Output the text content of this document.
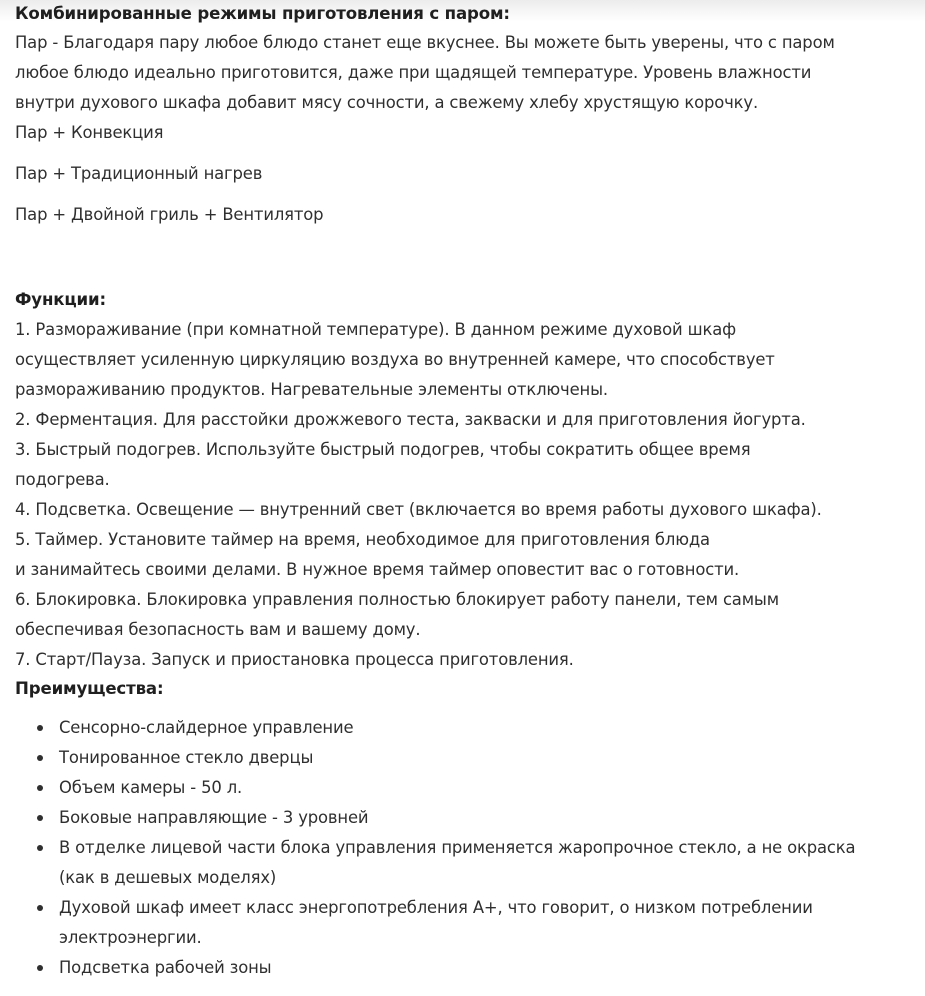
Комбинированные режимы приготовления с паром:

Пар - Благодаря пару любое блюдо станет еще вкуснее. Вы можете быть уверены, что с паром

любое блюдо идеально приготовится, даже при щадящей температуре. Уровень влажности

внутри духового шкафа добавит мясу сочности, а свежему хлебу хрустящую корочку.

Пар + Конвекция

Пар + Традиционный нагрев

Пар + Двойной гриль + Вентилятор

Функции:

1. Размораживание (при комнатной температуре). В данном режиме духовой шкаф

осуществляет усиленную циркуляцию воздуха во внутренней камере, что способствует

размораживанию продуктов. Нагревательные элементы отключены.

2. Ферментация. Для расстойки дрожжевого теста, закваски и для приготовления йогурта.

3. Быстрый подогрев. Используйте быстрый подогрев, чтобы сократить общее время

подогрева.

4. Подсветка. Освещение — внутренний свет (включается во время работы духового шкафа).

5. Таймер. Установите таймер на время, необходимое для приготовления блюда

и занимайтесь своими делами. В нужное время таймер оповестит вас о готовности.

6. Блокировка. Блокировка управления полностью блокирует работу панели, тем самым

обеспечивая безопасность вам и вашему дому.

7. Старт/Пауза. Запуск и приостановка процесса приготовления.

Преимущества:
Сенсорно-слайдерное управление
Тонированное стекло дверцы
Объем камеры - 50 л.
Боковые направляющие - 3 уровней
В отделке лицевой части блока управления применяется жаропрочное стекло, а не окраска
(как в дешевых моделях)
Духовой шкаф имеет класс энергопотребления А+, что говорит, о низком потреблении
электроэнергии.
Подсветка рабочей зоны
